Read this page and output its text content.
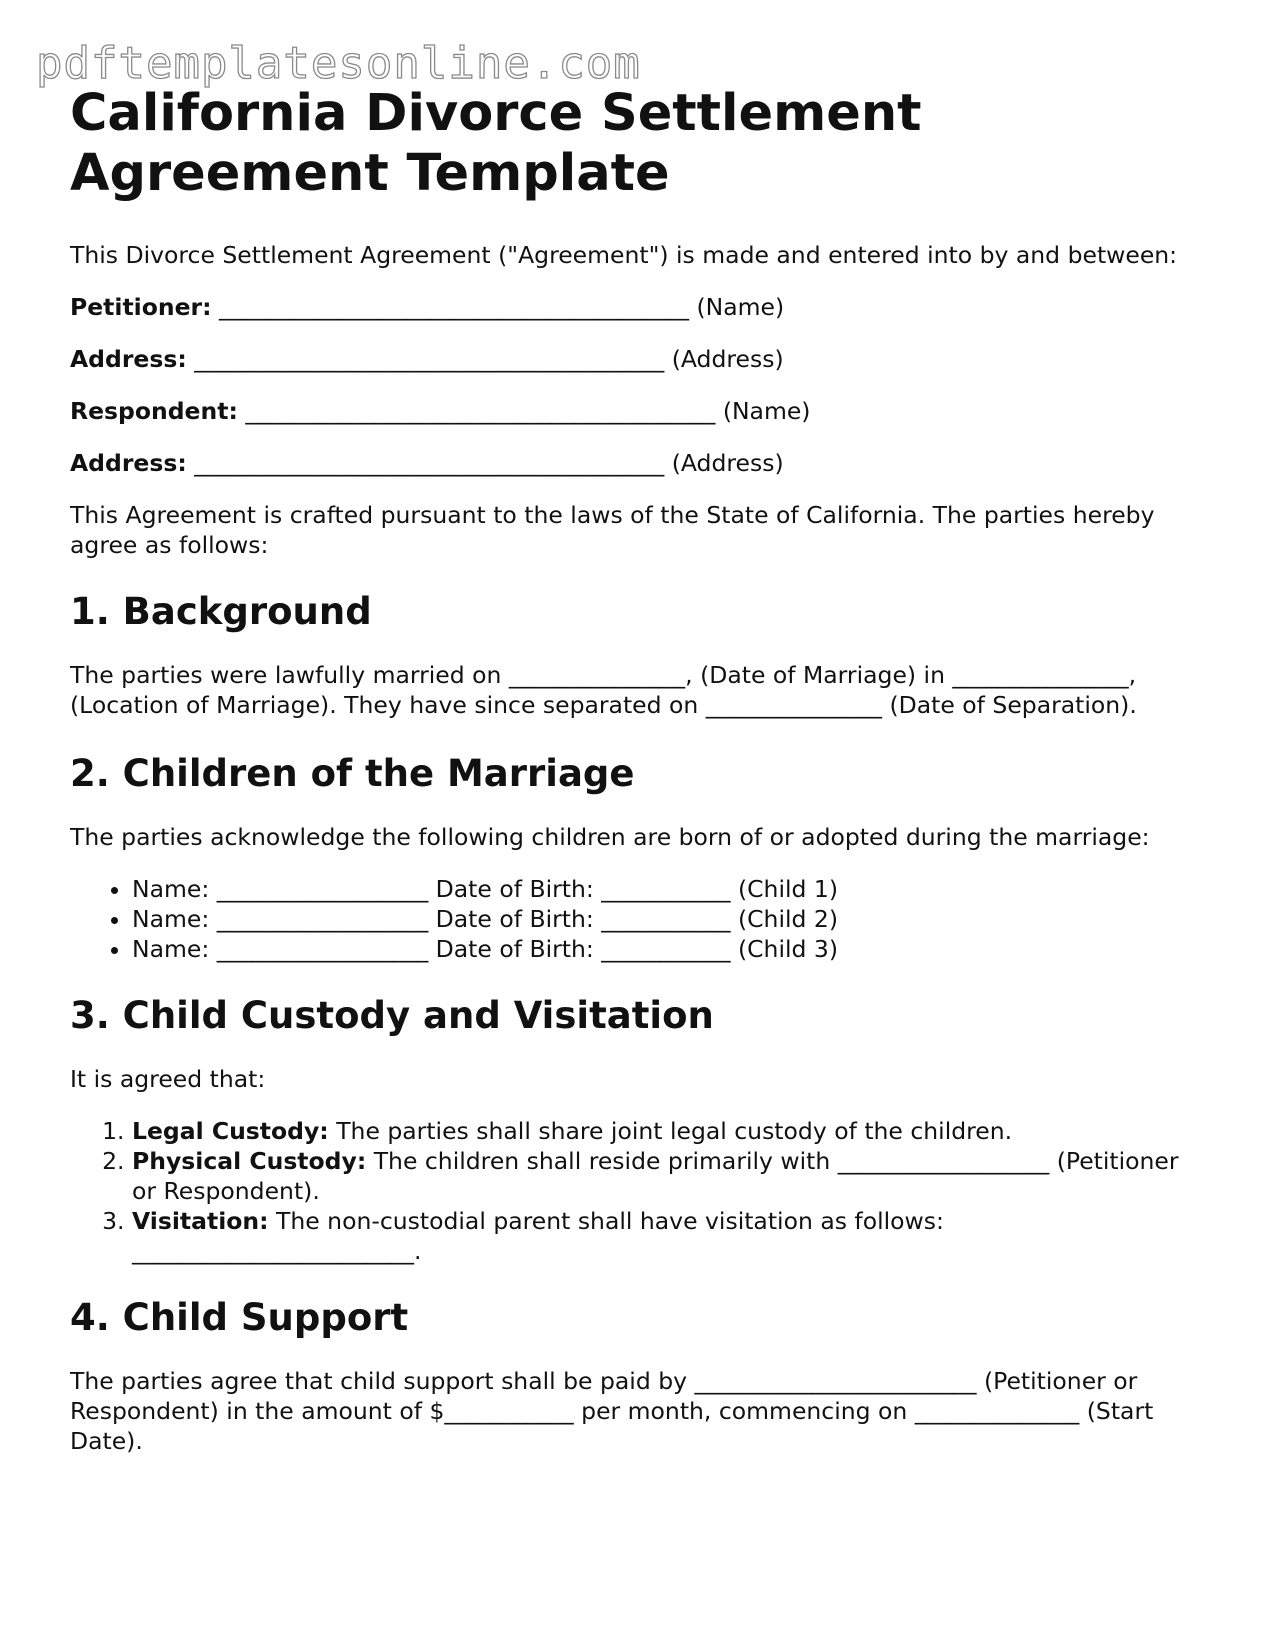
pdftemplatesonline.com
California Divorce Settlement Agreement Template

This Divorce Settlement Agreement ("Agreement") is made and entered into by and between:

Petitioner: ________________________________________ (Name)

Address: ________________________________________ (Address)

Respondent: ________________________________________ (Name)

Address: ________________________________________ (Address)

This Agreement is crafted pursuant to the laws of the State of California. The parties hereby agree as follows:

1. Background

The parties were lawfully married on _______________, (Date of Marriage) in _______________, (Location of Marriage). They have since separated on _______________ (Date of Separation).

2. Children of the Marriage

The parties acknowledge the following children are born of or adopted during the marriage:

• Name: __________________ Date of Birth: ___________ (Child 1)
• Name: __________________ Date of Birth: ___________ (Child 2)
• Name: __________________ Date of Birth: ___________ (Child 3)
3. Child Custody and Visitation

It is agreed that:

1. Legal Custody: The parties shall share joint legal custody of the children.
2. Physical Custody: The children shall reside primarily with __________________ (Petitioner or Respondent).
3. Visitation: The non-custodial parent shall have visitation as follows: ________________________.
4. Child Support

The parties agree that child support shall be paid by ________________________ (Petitioner or Respondent) in the amount of $___________ per month, commencing on ______________ (Start Date).
